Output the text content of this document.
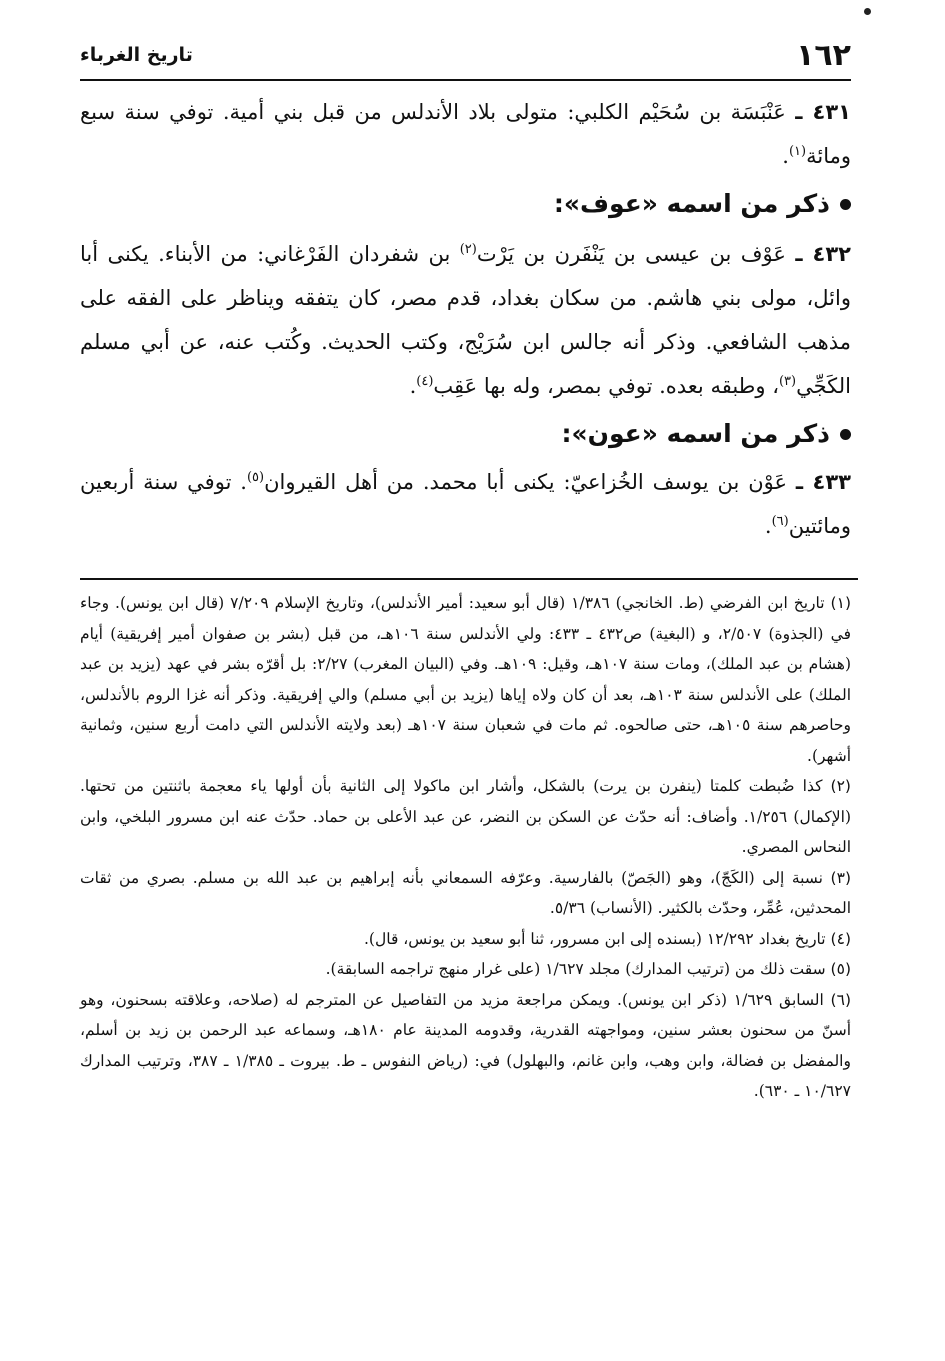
١٦٢
تاريخ الغرباء

٤٣١ ـ عَنْبَسَة بن سُحَيْم الكلبي: متولى بلاد الأندلس من قبل بني أمية. توفي سنة سبع ومائة$^{(١)}$.

ذكر من اسمه «عوف»:

٤٣٢ ـ عَوْف بن عيسى بن يَنْفَرن بن يَرْت$^{(٢)}$ بن شفردان الفَرْغاني: من الأبناء. يكنى أبا وائل، مولى بني هاشم. من سكان بغداد، قدم مصر، كان يتفقه ويناظر على الفقه على مذهب الشافعي. وذكر أنه جالس ابن سُرَيْج، وكتب الحديث. وكُتب عنه، عن أبي مسلم الكَجِّي$^{(٣)}$، وطبقه بعده. توفي بمصر، وله بها عَقِب$^{(٤)}$.

ذكر من اسمه «عون»:

٤٣٣ ـ عَوْن بن يوسف الخُزاعيّ: يكنى أبا محمد. من أهل القيروان$^{(٥)}$. توفي سنة أربعين ومائتين$^{(٦)}$.

(١) تاريخ ابن الفرضي (ط. الخانجي) ١/٣٨٦ (قال أبو سعيد: أمير الأندلس)، وتاريخ الإسلام ٧/٢٠٩ (قال ابن يونس). وجاء في (الجذوة) ٢/٥٠٧، و (البغية) ص٤٣٢ ـ ٤٣٣: ولي الأندلس سنة ١٠٦هـ، من قبل (بشر بن صفوان أمير إفريقية) أيام (هشام بن عبد الملك)، ومات سنة ١٠٧هـ، وقيل: ١٠٩هـ. وفي (البيان المغرب) ٢/٢٧: بل أقرّه بشر في عهد (يزيد بن عبد الملك) على الأندلس سنة ١٠٣هـ، بعد أن كان ولاه إياها (يزيد بن أبي مسلم) والي إفريقية. وذكر أنه غزا الروم بالأندلس، وحاصرهم سنة ١٠٥هـ، حتى صالحوه. ثم مات في شعبان سنة ١٠٧هـ (بعد ولايته الأندلس التي دامت أربع سنين، وثمانية أشهر).

(٢) كذا ضُبطت كلمتا (ينفرن بن يرت) بالشكل، وأشار ابن ماكولا إلى الثانية بأن أولها ياء معجمة باثنتين من تحتها. (الإكمال) ١/٢٥٦. وأضاف: أنه حدّث عن السكن بن النضر، عن عبد الأعلى بن حماد. حدّث عنه ابن مسرور البلخي، وابن النحاس المصري.

(٣) نسبة إلى (الكَجّ)، وهو (الجَصّ) بالفارسية. وعرّفه السمعاني بأنه إبراهيم بن عبد الله بن مسلم. بصري من ثقات المحدثين، عُمِّر، وحدّث بالكثير. (الأنساب) ٥/٣٦.

(٤) تاريخ بغداد ١٢/٢٩٢ (بسنده إلى ابن مسرور، ثنا أبو سعيد بن يونس، قال).

(٥) سقت ذلك من (ترتيب المدارك) مجلد ١/٦٢٧ (على غرار منهج تراجمه السابقة).

(٦) السابق ١/٦٢٩ (ذكر ابن يونس). ويمكن مراجعة مزيد من التفاصيل عن المترجم له (صلاحه، وعلاقته بسحنون، وهو أسنّ من سحنون بعشر سنين، ومواجهته القدرية، وقدومه المدينة عام ١٨٠هـ، وسماعه عبد الرحمن بن زيد بن أسلم، والمفضل بن فضالة، وابن وهب، وابن غانم، والبهلول) في: (رياض النفوس ـ ط. بيروت ـ ١/٣٨٥ ـ ٣٨٧، وترتيب المدارك ١٠/٦٢٧ ـ ٦٣٠).
